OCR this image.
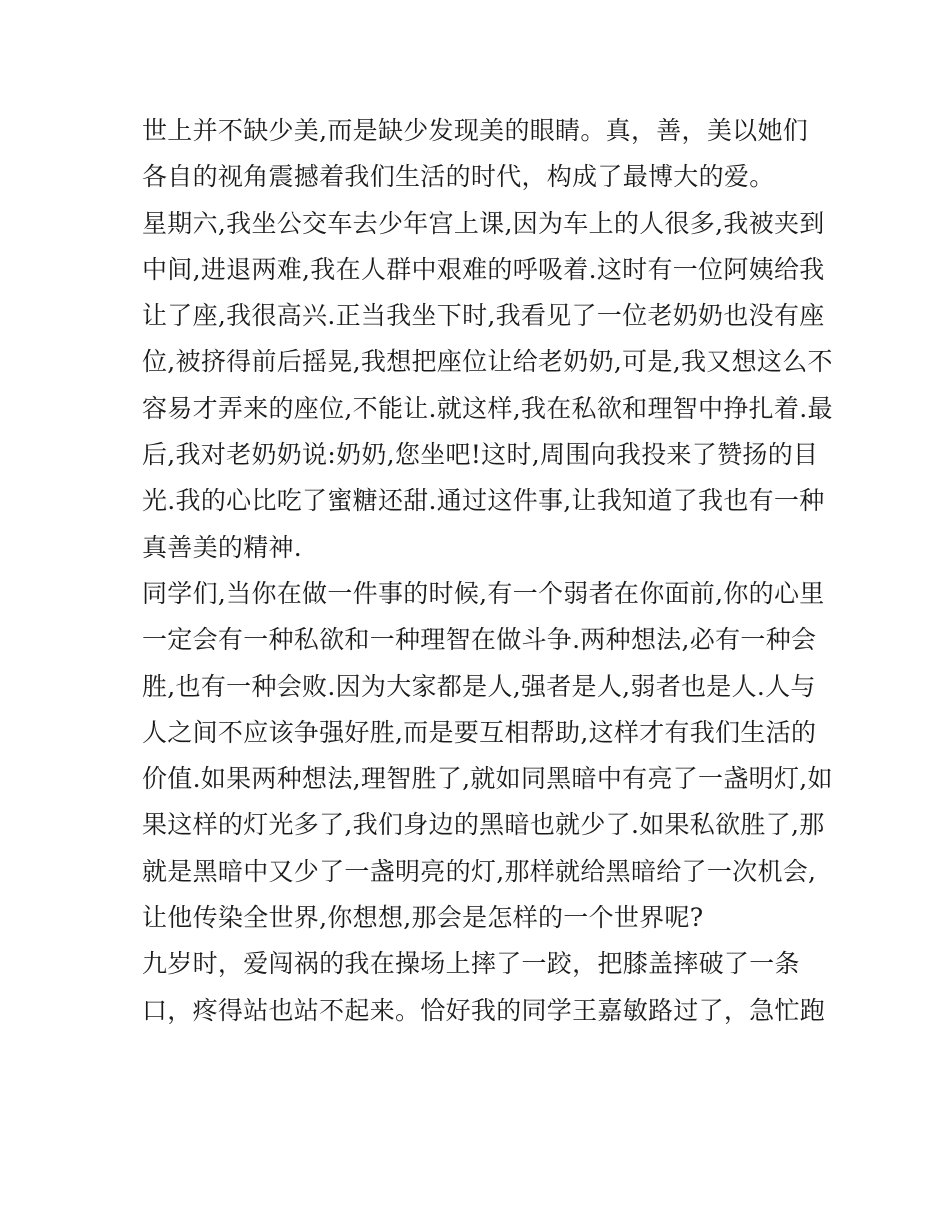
世上并不缺少美,而是缺少发现美的眼睛。真，善，美以她们

各自的视角震撼着我们生活的时代，构成了最博大的爱。

星期六,我坐公交车去少年宫上课,因为车上的人很多,我被夹到

中间,进退两难,我在人群中艰难的呼吸着.这时有一位阿姨给我

让了座,我很高兴.正当我坐下时,我看见了一位老奶奶也没有座

位,被挤得前后摇晃,我想把座位让给老奶奶,可是,我又想这么不

容易才弄来的座位,不能让.就这样,我在私欲和理智中挣扎着.最

后,我对老奶奶说:奶奶,您坐吧!这时,周围向我投来了赞扬的目

光.我的心比吃了蜜糖还甜.通过这件事,让我知道了我也有一种

真善美的精神.

同学们,当你在做一件事的时候,有一个弱者在你面前,你的心里

一定会有一种私欲和一种理智在做斗争.两种想法,必有一种会

胜,也有一种会败.因为大家都是人,强者是人,弱者也是人.人与

人之间不应该争强好胜,而是要互相帮助,这样才有我们生活的

价值.如果两种想法,理智胜了,就如同黑暗中有亮了一盏明灯,如

果这样的灯光多了,我们身边的黑暗也就少了.如果私欲胜了,那

就是黑暗中又少了一盏明亮的灯,那样就给黑暗给了一次机会,

让他传染全世界,你想想,那会是怎样的一个世界呢?

九岁时，爱闯祸的我在操场上摔了一跤，把膝盖摔破了一条

口，疼得站也站不起来。恰好我的同学王嘉敏路过了，急忙跑
